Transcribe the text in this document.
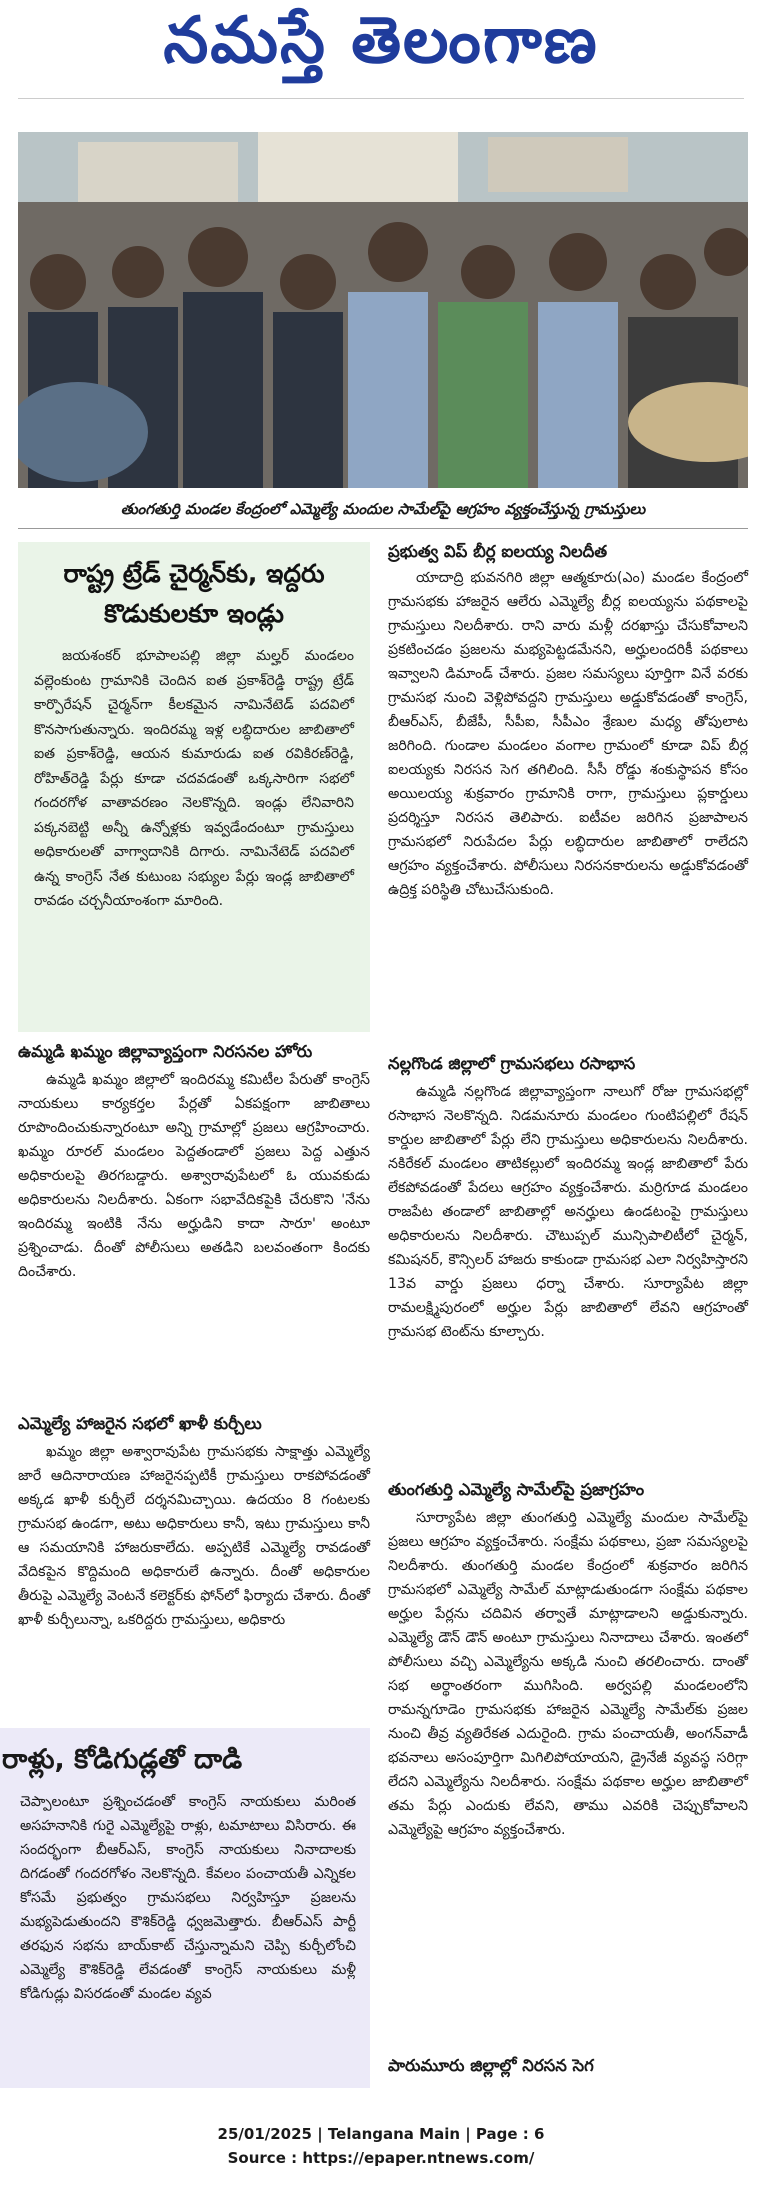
నమస్తే తెలంగాణ
తుంగతుర్తి మండల కేంద్రంలో ఎమ్మెల్యే మందుల సామేల్‌పై ఆగ్రహం వ్యక్తంచేస్తున్న గ్రామస్తులు
రాష్ట్ర ట్రేడ్ చైర్మన్‌కు, ఇద్దరు కొడుకులకూ ఇండ్లు

జయశంకర్ భూపాలపల్లి జిల్లా మల్హర్ మండలం వల్లెంకుంట గ్రామానికి చెందిన ఐత ప్రకాశ్‌రెడ్డి రాష్ట్ర ట్రేడ్ కార్పొరేషన్ చైర్మన్‌గా కీలకమైన నామినేటెడ్ పదవిలో కొనసాగుతున్నారు. ఇందిరమ్మ ఇళ్ల లబ్ధిదారుల జాబితాలో ఐత ప్రకాశ్‌రెడ్డి, ఆయన కుమారుడు ఐత రవికిరణ్‌రెడ్డి, రోహిత్‌రెడ్డి పేర్లు కూడా చదవడంతో ఒక్కసారిగా సభలో గందరగోళ వాతావరణం నెలకొన్నది. ఇండ్లు లేనివారిని పక్కనబెట్టి అన్నీ ఉన్నోళ్లకు ఇవ్వడేందంటూ గ్రామస్తులు అధికారులతో వాగ్వాదానికి దిగారు. నామినేటెడ్ పదవిలో ఉన్న కాంగ్రెస్ నేత కుటుంబ సభ్యుల పేర్లు ఇండ్ల జాబితాలో రావడం చర్చనీయాంశంగా మారింది.

ఉమ్మడి ఖమ్మం జిల్లావ్యాప్తంగా నిరసనల హోరు

ఉమ్మడి ఖమ్మం జిల్లాలో ఇందిరమ్మ కమిటీల పేరుతో కాంగ్రెస్ నాయకులు కార్యకర్తల పేర్లతో ఏకపక్షంగా జాబితాలు రూపొందించుకున్నారంటూ అన్ని గ్రామాల్లో ప్రజలు ఆగ్రహించారు. ఖమ్మం రూరల్ మండలం పెద్దతండాలో ప్రజలు పెద్ద ఎత్తున అధికారులపై తిరగబడ్డారు. అశ్వారావుపేటలో ఓ యువకుడు అధికారులను నిలదీశారు. ఏకంగా సభావేదికపైకి చేరుకొని 'నేను ఇందిరమ్మ ఇంటికి నేను అర్హుడిని కాదా సారూ' అంటూ ప్రశ్నించాడు. దీంతో పోలీసులు అతడిని బలవంతంగా కిందకు దించేశారు.

ఎమ్మెల్యే హాజరైన సభలో ఖాళీ కుర్చీలు

ఖమ్మం జిల్లా అశ్వారావుపేట గ్రామసభకు సాక్షాత్తు ఎమ్మెల్యే జారే ఆదినారాయణ హాజరైనప్పటికీ గ్రామస్తులు రాకపోవడంతో అక్కడ ఖాళీ కుర్చీలే దర్శనమిచ్చాయి. ఉదయం 8 గంటలకు గ్రామసభ ఉండగా, అటు అధికారులు కానీ, ఇటు గ్రామస్తులు కానీ ఆ సమయానికి హాజరుకాలేదు. అప్పటికే ఎమ్మెల్యే రావడంతో వేదికపైన కొద్దిమంది అధికారులే ఉన్నారు. దీంతో అధికారుల తీరుపై ఎమ్మెల్యే వెంటనే కలెక్టర్‌కు ఫోన్‌లో ఫిర్యాదు చేశారు. దీంతో ఖాళీ కుర్చీలున్నా, ఒకరిద్దరు గ్రామస్తులు, అధికారు

రాళ్లు, కోడిగుడ్లతో దాడి

చెప్పాలంటూ ప్రశ్నించడంతో కాంగ్రెస్ నాయకులు మరింత అసహనానికి గురై ఎమ్మెల్యేపై రాళ్లు, టమాటాలు విసిరారు. ఈ సందర్భంగా బీఆర్ఎస్, కాంగ్రెస్ నాయకులు నినాదాలకు దిగడంతో గందరగోళం నెలకొన్నది. కేవలం పంచాయతీ ఎన్నికల కోసమే ప్రభుత్వం గ్రామసభలు నిర్వహిస్తూ ప్రజలను మభ్యపెడుతుందని కౌశిక్‌రెడ్డి ధ్వజమెత్తారు. బీఆర్ఎస్ పార్టీ తరఫున సభను బాయ్‌కాట్ చేస్తున్నామని చెప్పి కుర్చీలోంచి ఎమ్మెల్యే కౌశిక్‌రెడ్డి లేవడంతో కాంగ్రెస్ నాయకులు మళ్లీ కోడిగుడ్లు విసరడంతో మండల వ్యవ

ప్రభుత్వ విప్ బీర్ల ఐలయ్య నిలదీత

యాదాద్రి భువనగిరి జిల్లా ఆత్మకూరు(ఎం) మండల కేంద్రంలో గ్రామసభకు హాజరైన ఆలేరు ఎమ్మెల్యే బీర్ల ఐలయ్యను పథకాలపై గ్రామస్తులు నిలదీశారు. రాని వారు మళ్లీ దరఖాస్తు చేసుకోవాలని ప్రకటించడం ప్రజలను మభ్యపెట్టడమేనని, అర్హులందరికీ పథకాలు ఇవ్వాలని డిమాండ్ చేశారు. ప్రజల సమస్యలు పూర్తిగా వినే వరకు గ్రామసభ నుంచి వెళ్లిపోవద్దని గ్రామస్తులు అడ్డుకోవడంతో కాంగ్రెస్, బీఆర్ఎస్, బీజేపీ, సీపీఐ, సీపీఎం శ్రేణుల మధ్య తోపులాట జరిగింది. గుండాల మండలం వంగాల గ్రామంలో కూడా విప్ బీర్ల ఐలయ్యకు నిరసన సెగ తగిలింది. సీసీ రోడ్డు శంకుస్థాపన కోసం అయిలయ్య శుక్రవారం గ్రామానికి రాగా, గ్రామస్తులు ప్లకార్డులు ప్రదర్శిస్తూ నిరసన తెలిపారు. ఐటీవల జరిగిన ప్రజాపాలన గ్రామసభలో నిరుపేదల పేర్లు లబ్ధిదారుల జాబితాలో రాలేదని ఆగ్రహం వ్యక్తంచేశారు. పోలీసులు నిరసనకారులను అడ్డుకోవడంతో ఉద్రిక్త పరిస్థితి చోటుచేసుకుంది.

నల్లగొండ జిల్లాలో గ్రామసభలు రసాభాస

ఉమ్మడి నల్లగొండ జిల్లావ్యాప్తంగా నాలుగో రోజు గ్రామసభల్లో రసాభాస నెలకొన్నది. నిడమనూరు మండలం గుంటిపల్లిలో రేషన్ కార్డుల జాబితాలో పేర్లు లేని గ్రామస్తులు అధికారులను నిలదీశారు. నకిరేకల్ మండలం తాటికల్లులో ఇందిరమ్మ ఇండ్ల జాబితాలో పేరు లేకపోవడంతో పేదలు ఆగ్రహం వ్యక్తంచేశారు. మర్రిగూడ మండలం రాజపేట తండాలో జాబితాల్లో అనర్హులు ఉండటంపై గ్రామస్తులు అధికారులను నిలదీశారు. చౌటుప్పల్ మున్సిపాలిటీలో చైర్మన్, కమిషనర్, కౌన్సిలర్ హాజరు కాకుండా గ్రామసభ ఎలా నిర్వహిస్తారని 13వ వార్డు ప్రజలు ధర్నా చేశారు. సూర్యాపేట జిల్లా రామలక్ష్మిపురంలో అర్హుల పేర్లు జాబితాలో లేవని ఆగ్రహంతో గ్రామసభ టెంట్‌ను కూల్చారు.

తుంగతుర్తి ఎమ్మెల్యే సామేల్‌పై ప్రజాగ్రహం

సూర్యాపేట జిల్లా తుంగతుర్తి ఎమ్మెల్యే మందుల సామేల్‌పై ప్రజలు ఆగ్రహం వ్యక్తంచేశారు. సంక్షేమ పథకాలు, ప్రజా సమస్యలపై నిలదీశారు. తుంగతుర్తి మండల కేంద్రంలో శుక్రవారం జరిగిన గ్రామసభలో ఎమ్మెల్యే సామేల్ మాట్లాడుతుండగా సంక్షేమ పథకాల అర్హుల పేర్లను చదివిన తర్వాతే మాట్లాడాలని అడ్డుకున్నారు. ఎమ్మెల్యే డౌన్ డౌన్ అంటూ గ్రామస్తులు నినాదాలు చేశారు. ఇంతలో పోలీసులు వచ్చి ఎమ్మెల్యేను అక్కడి నుంచి తరలించారు. దాంతో సభ అర్థాంతరంగా ముగిసింది. అర్వపల్లి మండలంలోని రామన్నగూడెం గ్రామసభకు హాజరైన ఎమ్మెల్యే సామేల్‌కు ప్రజల నుంచి తీవ్ర వ్యతిరేకత ఎదురైంది. గ్రామ పంచాయతీ, అంగన్‌వాడీ భవనాలు అసంపూర్తిగా మిగిలిపోయాయని, డ్రైనేజీ వ్యవస్థ సరిగ్గా లేదని ఎమ్మెల్యేను నిలదీశారు. సంక్షేమ పథకాల అర్హుల జాబితాలో తమ పేర్లు ఎందుకు లేవని, తాము ఎవరికి చెప్పుకోవాలని ఎమ్మెల్యేపై ఆగ్రహం వ్యక్తంచేశారు.

పారుమూరు జిల్లాల్లో నిరసన సెగ
25/01/2025 | Telangana Main | Page : 6
Source : https://epaper.ntnews.com/
